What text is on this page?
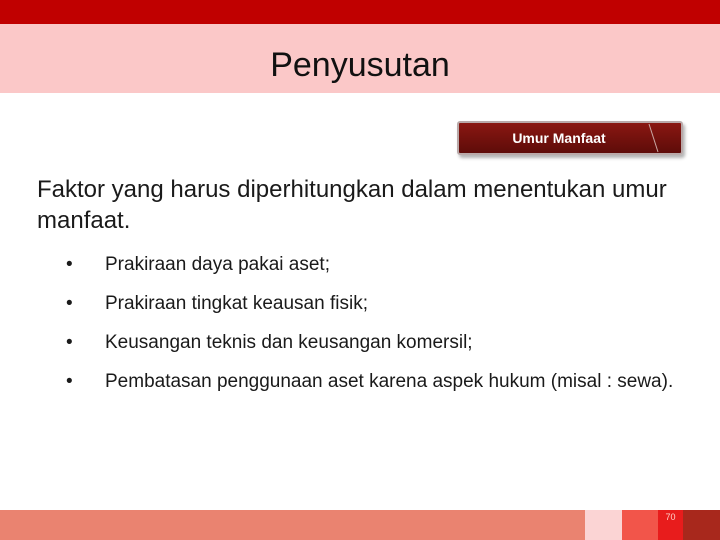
Penyusutan
Umur Manfaat
Faktor yang harus diperhitungkan dalam menentukan umur manfaat.
•	Prakiraan daya pakai aset;
•	Prakiraan tingkat keausan fisik;
•	Keusangan teknis dan keusangan komersil;
•	Pembatasan penggunaan aset karena aspek hukum (misal : sewa).
70
